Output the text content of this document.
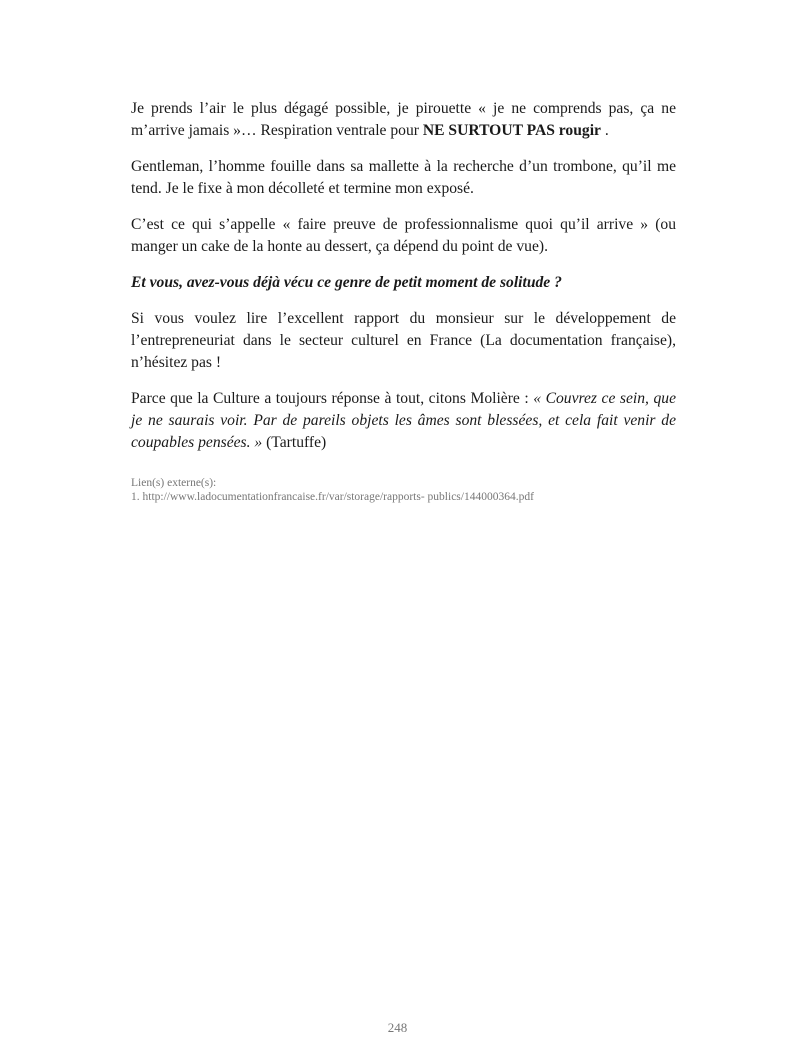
Je prends l’air le plus dégagé possible, je pirouette « je ne comprends pas, ça ne m’arrive jamais »… Respiration ventrale pour NE SURTOUT PAS rougir .

Gentleman, l’homme fouille dans sa mallette à la recherche d’un trombone, qu’il me tend. Je le fixe à mon décolleté et termine mon exposé.

C’est ce qui s’appelle « faire preuve de professionnalisme quoi qu’il arrive » (ou manger un cake de la honte au dessert, ça dépend du point de vue).

Et vous, avez-vous déjà vécu ce genre de petit moment de solitude ?

Si vous voulez lire l’excellent rapport du monsieur sur le développement de l’entrepreneuriat dans le secteur culturel en France (La documentation française), n’hésitez pas !

Parce que la Culture a toujours réponse à tout, citons Molière : « Couvrez ce sein, que je ne saurais voir. Par de pareils objets les âmes sont blessées, et cela fait venir de coupables pensées. » (Tartuffe)

Lien(s) externe(s):
1. http://www.ladocumentationfrancaise.fr/var/storage/rapports- publics/144000364.pdf
248
